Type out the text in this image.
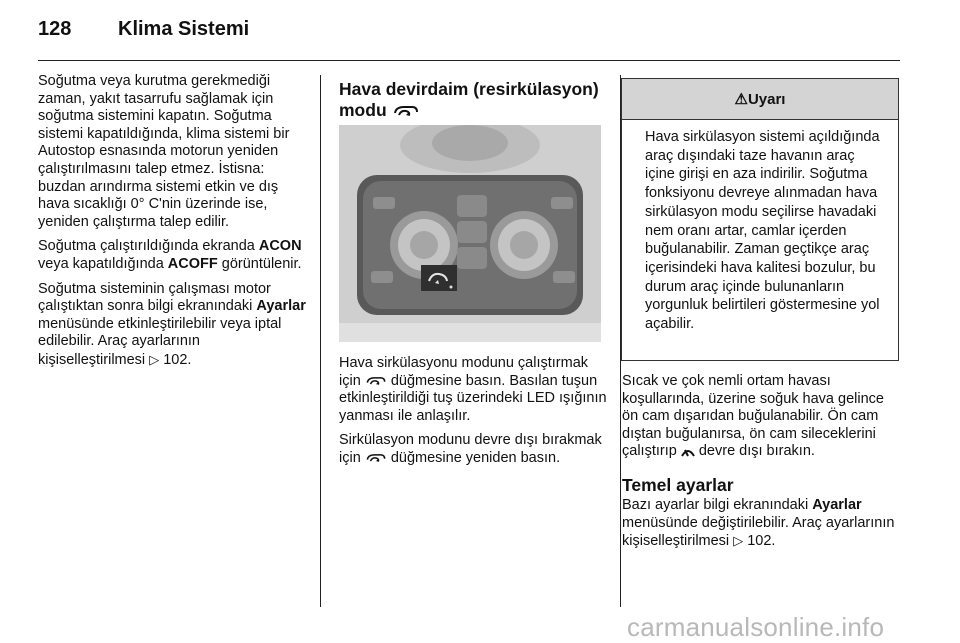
128 Klima Sistemi

Soğutma veya kurutma gerekmediği zaman, yakıt tasarrufu sağlamak için soğutma sistemini kapatın. Soğutma sistemi kapatıldığında, klima sistemi bir Autostop esnasında motorun yeniden çalıştırılmasını talep etmez. İstisna: buzdan arındırma sistemi etkin ve dış hava sıcaklığı 0° C'nin üzerinde ise, yeniden çalıştırma talep edilir.

Soğutma çalıştırıldığında ekranda ACON veya kapatıldığında ACOFF görüntülenir.

Soğutma sisteminin çalışması motor çalıştıktan sonra bilgi ekranındaki Ayarlar menüsünde etkinleştirilebilir veya iptal edilebilir. Araç ayarlarının kişiselleştirilmesi ▷ 102.

Hava devirdaim (resirkülasyon)
modu

Hava sirkülasyonu modunu çalıştırmak için  düğmesine basın. Basılan tuşun etkinleştirildiği tuş üzerindeki LED ışığının yanması ile anlaşılır.

Sirkülasyon modunu devre dışı bırakmak için  düğmesine yeniden basın.

⚠ Uyarı
Hava sirkülasyon sistemi açıldığında araç dışındaki taze havanın araç içine girişi en aza indirilir. Soğutma fonksiyonu devreye alınmadan hava sirkülasyon modu seçilirse havadaki nem oranı artar, camlar içerden buğulanabilir. Zaman geçtikçe araç içerisindeki hava kalitesi bozulur, bu durum araç içinde bulunanların yorgunluk belirtileri göstermesine yol açabilir.

Sıcak ve çok nemli ortam havası koşullarında, üzerine soğuk hava gelince ön cam dışarıdan buğulanabilir. Ön cam dıştan buğulanırsa, ön cam sileceklerini çalıştırıp  devre dışı bırakın.

Temel ayarlar

Bazı ayarlar bilgi ekranındaki Ayarlar menüsünde değiştirilebilir. Araç ayarlarının kişiselleştirilmesi ▷ 102.

carmanualsonline.info
